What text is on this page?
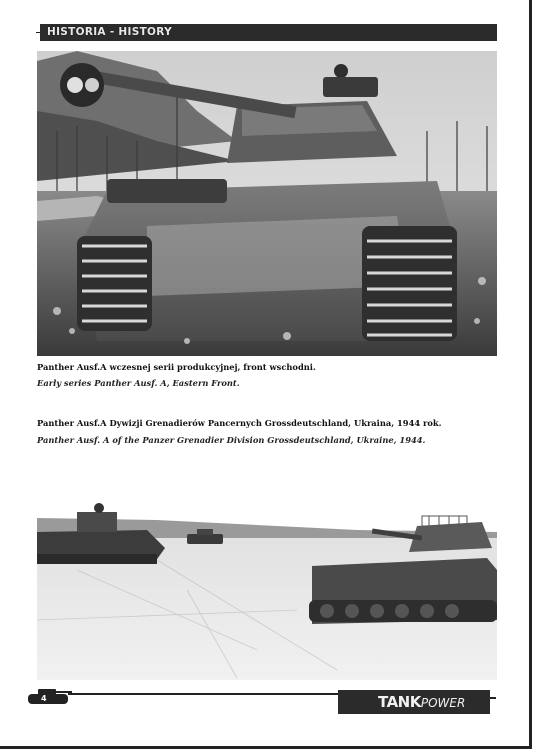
HISTORIA - HISTORY
Panther Ausf.A wczesnej serii produkcyjnej, front wschodni.
Early series Panther Ausf. A, Eastern Front.
Panther Ausf.A Dywizji Grenadierów Pancernych Grossdeutschland, Ukraina, 1944 rok.
Panther Ausf. A of the Panzer Grenadier Division Grossdeutschland, Ukraine, 1944.
4	TANKPOWER
